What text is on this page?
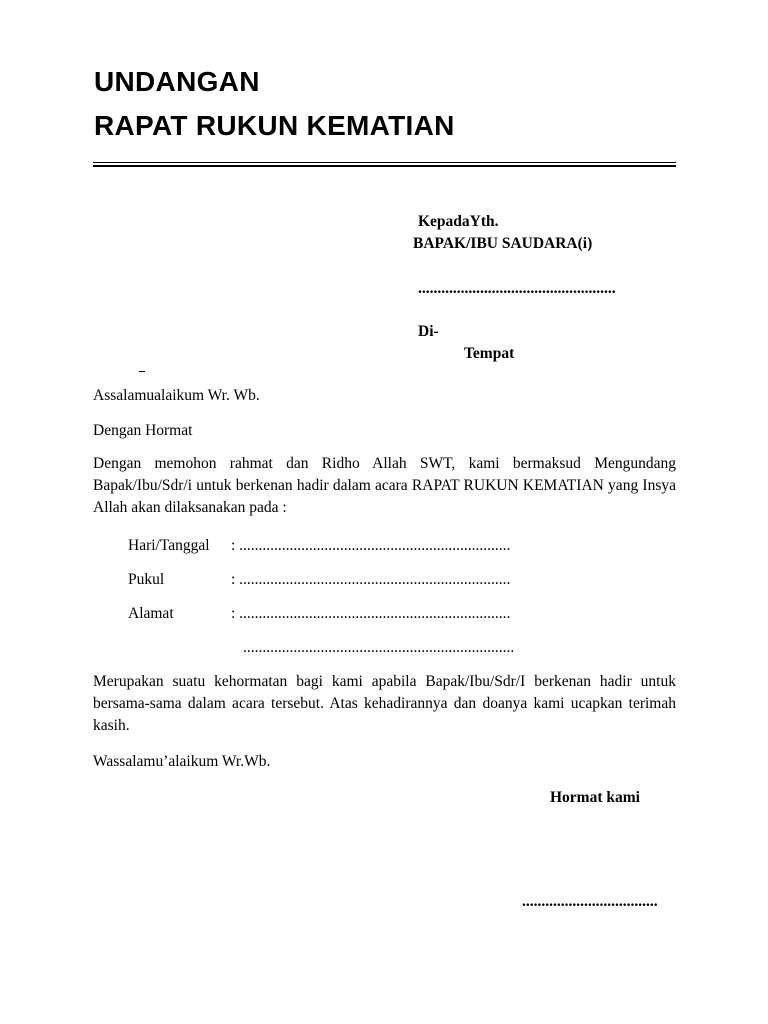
UNDANGAN
RAPAT RUKUN KEMATIAN
KepadaYth.
BAPAK/IBU SAUDARA(i)
...................................................
Di-
Tempat
Assalamualaikum Wr. Wb.
Dengan Hormat

Dengan memohon rahmat dan Ridho Allah SWT, kami bermaksud Mengundang Bapak/Ibu/Sdr/i untuk berkenan hadir dalam acara RAPAT RUKUN KEMATIAN yang Insya Allah akan dilaksanakan pada :

Hari/Tanggal : ......................................................................
Pukul	: ......................................................................
Alamat	: ......................................................................
......................................................................

Merupakan suatu kehormatan bagi kami apabila Bapak/Ibu/Sdr/I berkenan hadir untuk bersama-sama dalam acara tersebut. Atas kehadirannya dan doanya kami ucapkan terimah kasih.

Wassalamu’alaikum Wr.Wb.
Hormat kami
...................................
